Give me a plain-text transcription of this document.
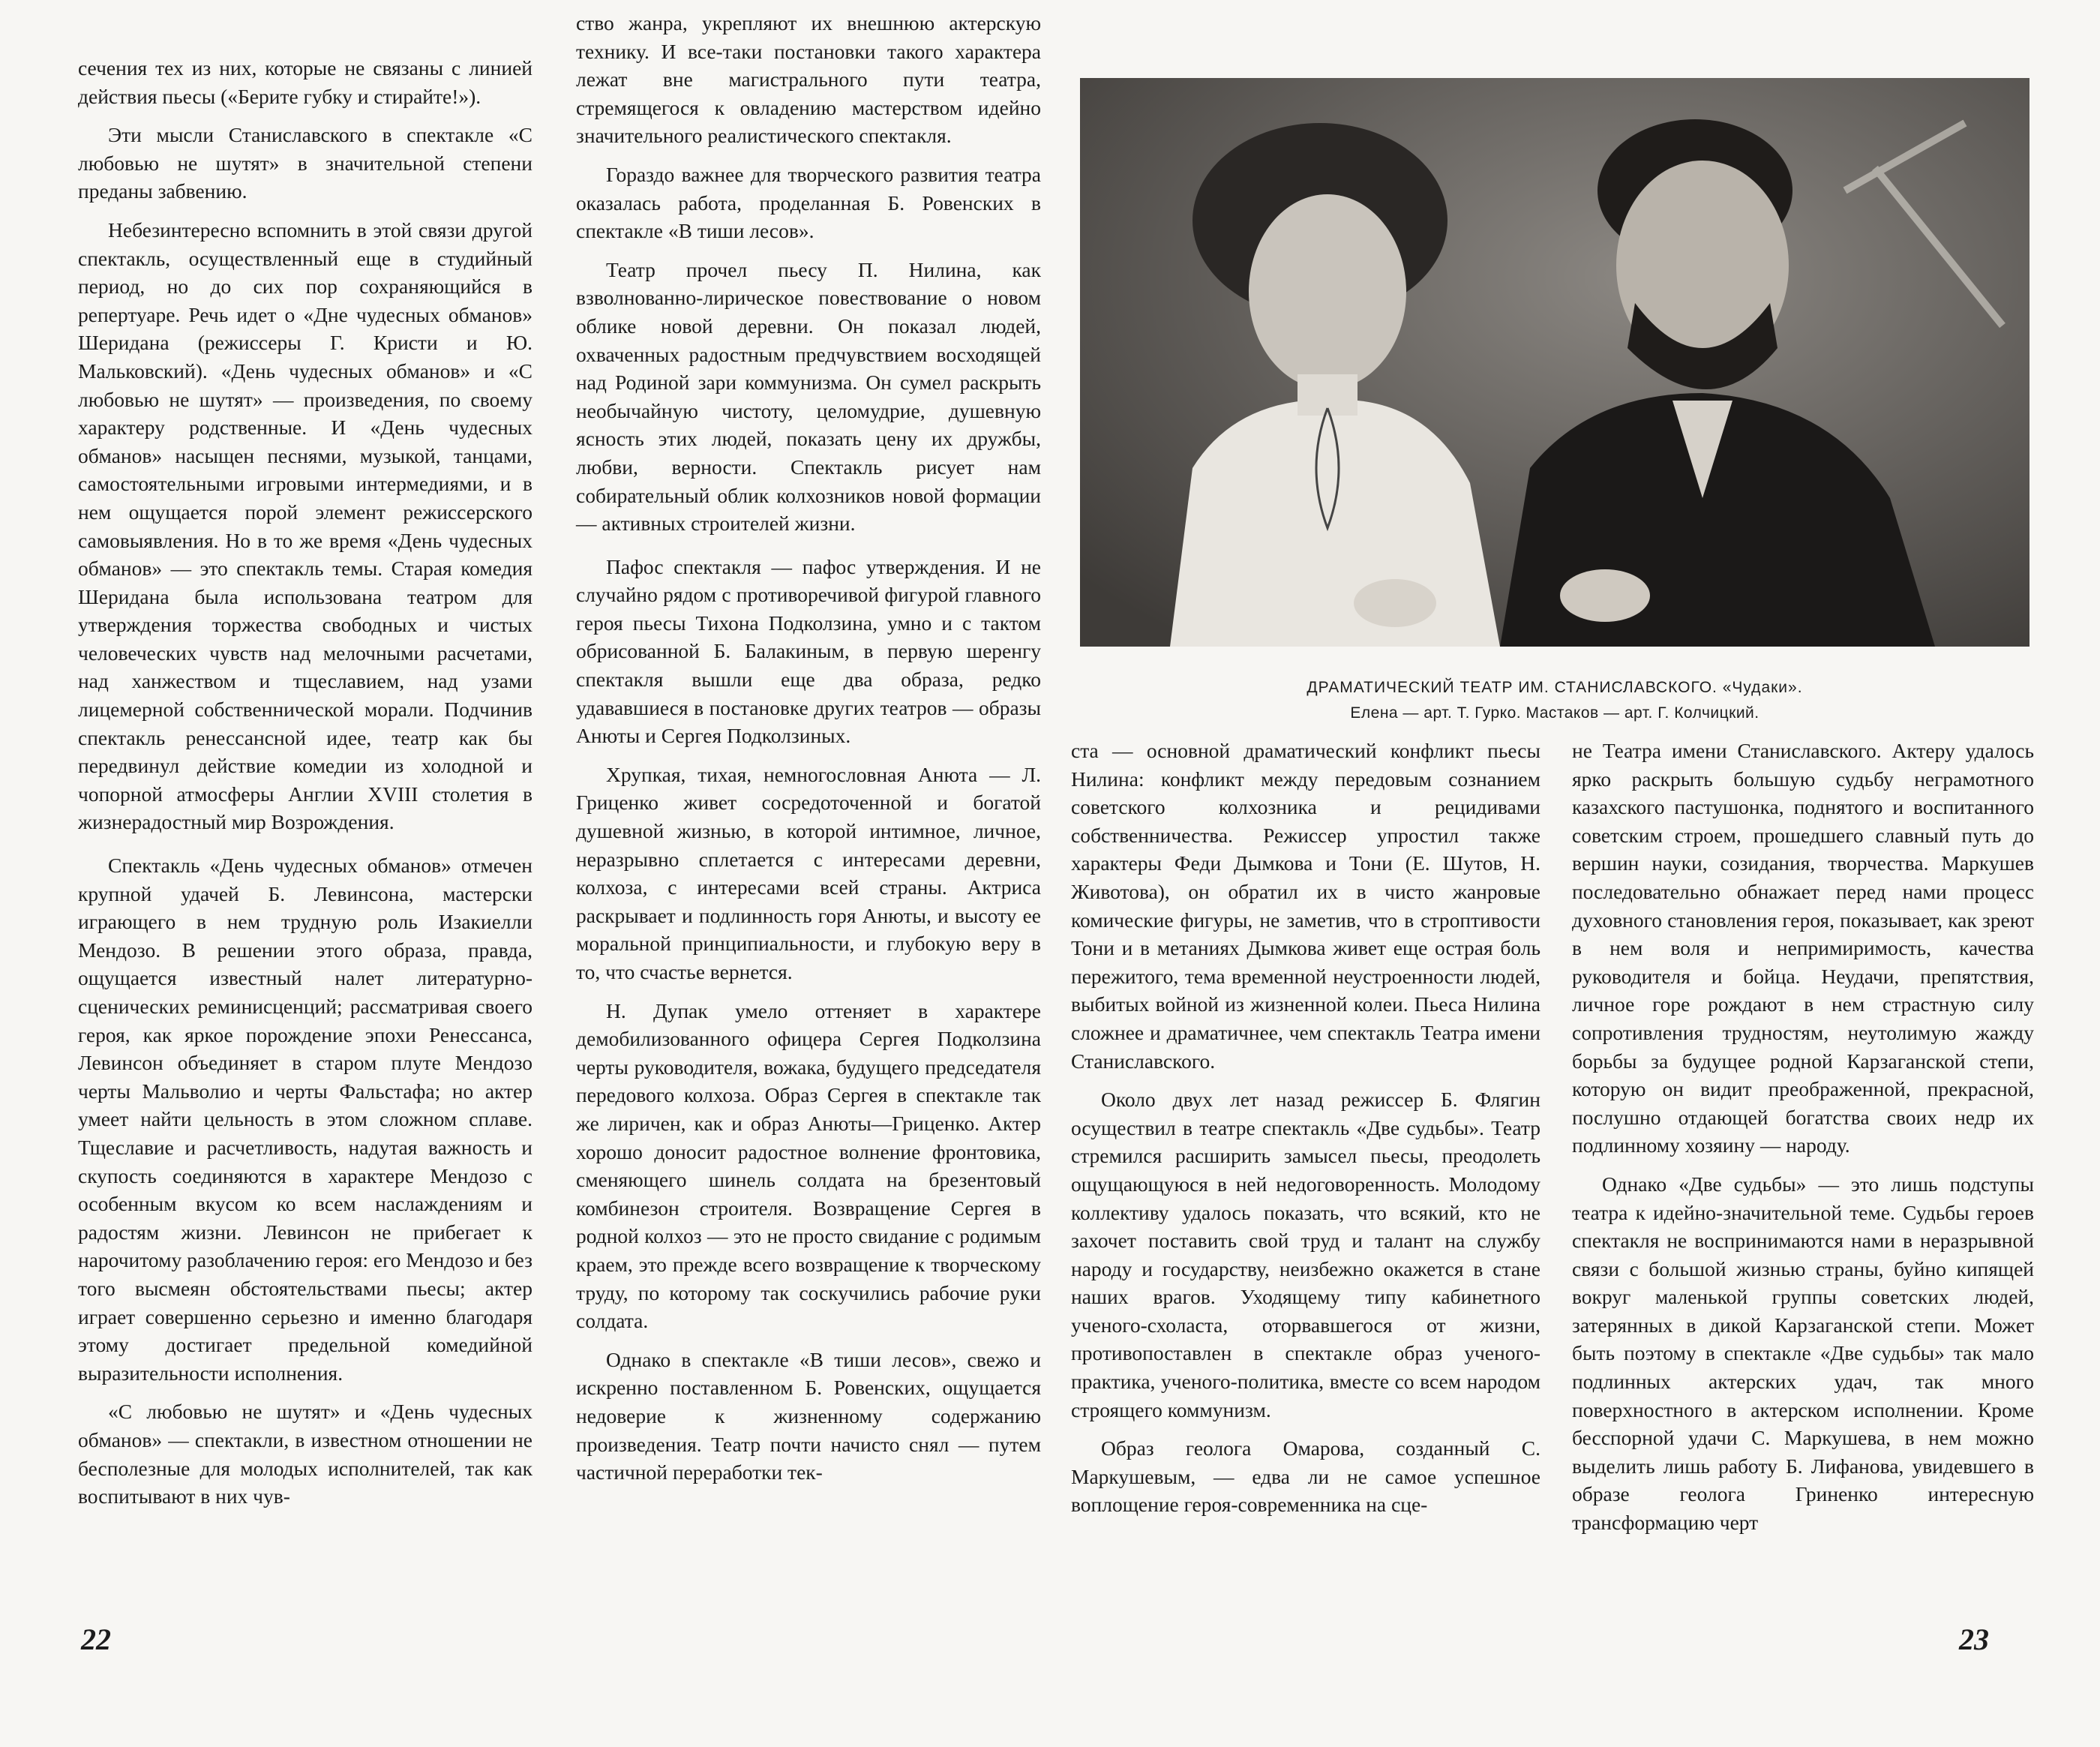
сечения тех из них, которые не связаны с линией действия пьесы («Берите губку и стирайте!»).

Эти мысли Станиславского в спектакле «С любовью не шутят» в значительной степени преданы забвению.

Небезинтересно вспомнить в этой связи другой спектакль, осуществленный еще в студийный период, но до сих пор сохраняющийся в репертуаре. Речь идет о «Дне чудесных обманов» Шеридана (режиссеры Г. Кристи и Ю. Мальковский). «День чудесных обманов» и «С любовью не шутят» — произведения, по своему характеру родственные. И «День чудесных обманов» насыщен песнями, музыкой, танцами, самостоятельными игровыми интермедиями, и в нем ощущается порой элемент режиссерского самовыявления. Но в то же время «День чудесных обманов» — это спектакль темы. Старая комедия Шеридана была использована театром для утверждения торжества свободных и чистых человеческих чувств над мелочными расчетами, над ханжеством и тщеславием, над узами лицемерной собственнической морали. Подчинив спектакль ренессансной идее, театр как бы передвинул действие комедии из холодной и чопорной атмосферы Англии XVIII столетия в жизнерадостный мир Возрождения.

Спектакль «День чудесных обманов» отмечен крупной удачей Б. Левинсона, мастерски играющего в нем трудную роль Изакиелли Мендозо. В решении этого образа, правда, ощущается известный налет литературно-сценических реминисценций; рассматривая своего героя, как яркое порождение эпохи Ренессанса, Левинсон объединяет в старом плуте Мендозо черты Мальволио и черты Фальстафа; но актер умеет найти цельность в этом сложном сплаве. Тщеславие и расчетливость, надутая важность и скупость соединяются в характере Мендозо с особенным вкусом ко всем наслаждениям и радостям жизни. Левинсон не прибегает к нарочитому разоблачению героя: его Мендозо и без того высмеян обстоятельствами пьесы; актер играет совершенно серьезно и именно благодаря этому достигает предельной комедийной выразительности исполнения.

«С любовью не шутят» и «День чудесных обманов» — спектакли, в известном отношении не бесполезные для молодых исполнителей, так как воспитывают в них чув-

ство жанра, укрепляют их внешнюю актерскую технику. И все-таки постановки такого характера лежат вне магистрального пути театра, стремящегося к овладению мастерством идейно значительного реалистического спектакля.

Гораздо важнее для творческого развития театра оказалась работа, проделанная Б. Ровенских в спектакле «В тиши лесов».

Театр прочел пьесу П. Нилина, как взволнованно-лирическое повествование о новом облике новой деревни. Он показал людей, охваченных радостным предчувствием восходящей над Родиной зари коммунизма. Он сумел раскрыть необычайную чистоту, целомудрие, душевную ясность этих людей, показать цену их дружбы, любви, верности. Спектакль рисует нам собирательный облик колхозников новой формации — активных строителей жизни.

Пафос спектакля — пафос утверждения. И не случайно рядом с противоречивой фигурой главного героя пьесы Тихона Подколзина, умно и с тактом обрисованной Б. Балакиным, в первую шеренгу спектакля вышли еще два образа, редко удававшиеся в постановке других театров — образы Анюты и Сергея Подколзиных.

Хрупкая, тихая, немногословная Анюта — Л. Гриценко живет сосредоточенной и богатой душевной жизнью, в которой интимное, личное, неразрывно сплетается с интересами деревни, колхоза, с интересами всей страны. Актриса раскрывает и подлинность горя Анюты, и высоту ее моральной принципиальности, и глубокую веру в то, что счастье вернется.

Н. Дупак умело оттеняет в характере демобилизованного офицера Сергея Подколзина черты руководителя, вожака, будущего председателя передового колхоза. Образ Сергея в спектакле так же лиричен, как и образ Анюты—Гриценко. Актер хорошо доносит радостное волнение фронтовика, сменяющего шинель солдата на брезентовый комбинезон строителя. Возвращение Сергея в родной колхоз — это не просто свидание с родимым краем, это прежде всего возвращение к творческому труду, по которому так соскучились рабочие руки солдата.

Однако в спектакле «В тиши лесов», свежо и искренно поставленном Б. Ровенских, ощущается недоверие к жизненному содержанию произведения. Театр почти начисто снял — путем частичной переработки тек-

ДРАМАТИЧЕСКИЙ ТЕАТР ИМ. СТАНИСЛАВСКОГО. «Чудаки».
Елена — арт. Т. Гурко. Мастаков — арт. Г. Колчицкий.

ста — основной драматический конфликт пьесы Нилина: конфликт между передовым сознанием советского колхозника и рецидивами собственничества. Режиссер упростил также характеры Феди Дымкова и Тони (Е. Шутов, Н. Животова), он обратил их в чисто жанровые комические фигуры, не заметив, что в строптивости Тони и в метаниях Дымкова живет еще острая боль пережитого, тема временной неустроенности людей, выбитых войной из жизненной колеи. Пьеса Нилина сложнее и драматичнее, чем спектакль Театра имени Станиславского.

Около двух лет назад режиссер Б. Флягин осуществил в театре спектакль «Две судьбы». Театр стремился расширить замысел пьесы, преодолеть ощущающуюся в ней недоговоренность. Молодому коллективу удалось показать, что всякий, кто не захочет поставить свой труд и талант на службу народу и государству, неизбежно окажется в стане наших врагов. Уходящему типу кабинетного ученого-схоласта, оторвавшегося от жизни, противопоставлен в спектакле образ ученого-практика, ученого-политика, вместе со всем народом строящего коммунизм.

Образ геолога Омарова, созданный С. Маркушевым, — едва ли не самое успешное воплощение героя-современника на сце-

не Театра имени Станиславского. Актеру удалось ярко раскрыть большую судьбу неграмотного казахского пастушонка, поднятого и воспитанного советским строем, прошедшего славный путь до вершин науки, созидания, творчества. Маркушев последовательно обнажает перед нами процесс духовного становления героя, показывает, как зреют в нем воля и непримиримость, качества руководителя и бойца. Неудачи, препятствия, личное горе рождают в нем страстную силу сопротивления трудностям, неутолимую жажду борьбы за будущее родной Карзаганской степи, которую он видит преображенной, прекрасной, послушно отдающей богатства своих недр их подлинному хозяину — народу.

Однако «Две судьбы» — это лишь подступы театра к идейно-значительной теме. Судьбы героев спектакля не воспринимаются нами в неразрывной связи с большой жизнью страны, буйно кипящей вокруг маленькой группы советских людей, затерянных в дикой Карзаганской степи. Может быть поэтому в спектакле «Две судьбы» так мало подлинных актерских удач, так много поверхностного в актерском исполнении. Кроме бесспорной удачи С. Маркушева, в нем можно выделить лишь работу Б. Лифанова, увидевшего в образе геолога Гриненко интересную трансформацию черт

22	23
